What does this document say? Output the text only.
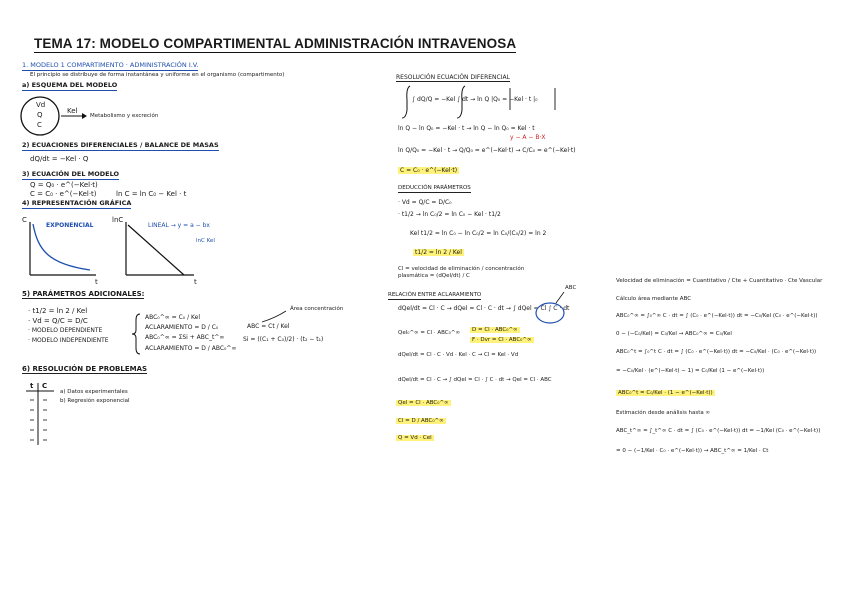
TEMA 17: MODELO COMPARTIMENTAL ADMINISTRACIÓN INTRAVENOSA
1. MODELO 1 COMPARTIMENTO · ADMINISTRACIÓN I.V.
El principio se distribuye de forma instantánea y uniforme en el organismo (compartimento)
a) ESQUEMA DEL MODELO
Vd
Q
C
Kel
Metabolismo y excreción
2) ECUACIONES DIFERENCIALES / BALANCE DE MASAS
dQ/dt = −Kel · Q
3) ECUACIÓN DEL MODELO
Q = Q₀ · e^(−Kel·t)
C = C₀ · e^(−Kel·t)	ln C = ln C₀ − Kel · t
4) REPRESENTACIÓN GRÁFICA
C
EXPONENCIAL
t
lnC
LINEAL → y = a − bx
lnC Kel
t
5) PARÁMETROS ADICIONALES:
· t1/2 = ln 2 / Kel
· Vd = Q/C = D/C
· MODELO DEPENDIENTE
· MODELO INDEPENDIENTE
ABC₀^∞ = C₀ / Kel
ACLARAMIENTO = D / C₀
ABC₀^∞ = ΣSi + ABC_t^∞
ACLARAMIENTO = D / ABC₀^∞
Área concentración
ABC = Ct / Kel
Si = ((C₁ + C₀)/2) · (t₂ − t₁)
6) RESOLUCIÓN DE PROBLEMAS
t C
a) Datos experimentales
b) Regresión exponencial
RESOLUCIÓN ECUACIÓN DIFERENCIAL
∫ dQ/Q = −Kel ∫ dt → ln Q |Q₀ = −Kel · t |₀
ln Q − ln Q₀ = −Kel · t → ln Q − ln Q₀ = Kel · t
y − A − B·X
ln Q/Q₀ = −Kel · t → Q/Q₀ = e^(−Kel·t) → C/C₀ = e^(−Kel·t)
C = C₀ · e^(−Kel·t)
DEDUCCIÓN PARÁMETROS
· Vd = Q/C = D/C₀
· t1/2 → ln C₀/2 = ln C₀ − Kel · t1/2
Kel t1/2 = ln C₀ − ln C₀/2 = ln C₀/(C₀/2) = ln 2
t1/2 = ln 2 / Kel
Cl = velocidad de eliminación / concentración plasmática = (dQel/dt) / C
RELACIÓN ENTRE ACLARAMIENTO
dQel/dt = Cl · C → dQel = Cl · C · dt → ∫ dQel = Cl ∫ C · dt
ABC
Qel₀^∞ = Cl · ABC₀^∞	D = Cl · ABC₀^∞
F · Dvr = Cl · ABC₀^∞
dQel/dt = Cl · C · Vd · Kel · C → Cl = Kel · Vd
dQel/dt = Cl · C → ∫ dQel = Cl · ∫ C · dt → Qel = Cl · ABC
Qel = Cl · ABC₀^∞
Cl = D / ABC₀^∞
Q = Vd · Cel
Velocidad de eliminación = Cuantitativo / Cte + Cuantitativo · Cte Vascular
Cálculo área mediante ABC
ABC₀^∞ = ∫₀^∞ C · dt = ∫ (C₀ · e^(−Kel·t)) dt = −C₀/Kel (C₀ · e^(−Kel·t))
0 − (−C₀/Kel) = C₀/Kel → ABC₀^∞ = C₀/Kel
ABC₀^t = ∫₀^t C · dt = ∫ (C₀ · e^(−Kel·t)) dt = −C₀/Kel · (C₀ · e^(−Kel·t))
= −C₀/Kel · (e^(−Kel·t) − 1) = C₀/Kel (1 − e^(−Kel·t))
ABC₀^t = C₀/Kel · (1 − e^(−Kel·t))
Estimación desde análisis hasta ∞
ABC_t^∞ = ∫_t^∞ C · dt = ∫ (C₀ · e^(−Kel·t)) dt = −1/Kel (C₀ · e^(−Kel·t))
= 0 − (−1/Kel · C₀ · e^(−Kel·t)) → ABC_t^∞ = 1/Kel · Ct
